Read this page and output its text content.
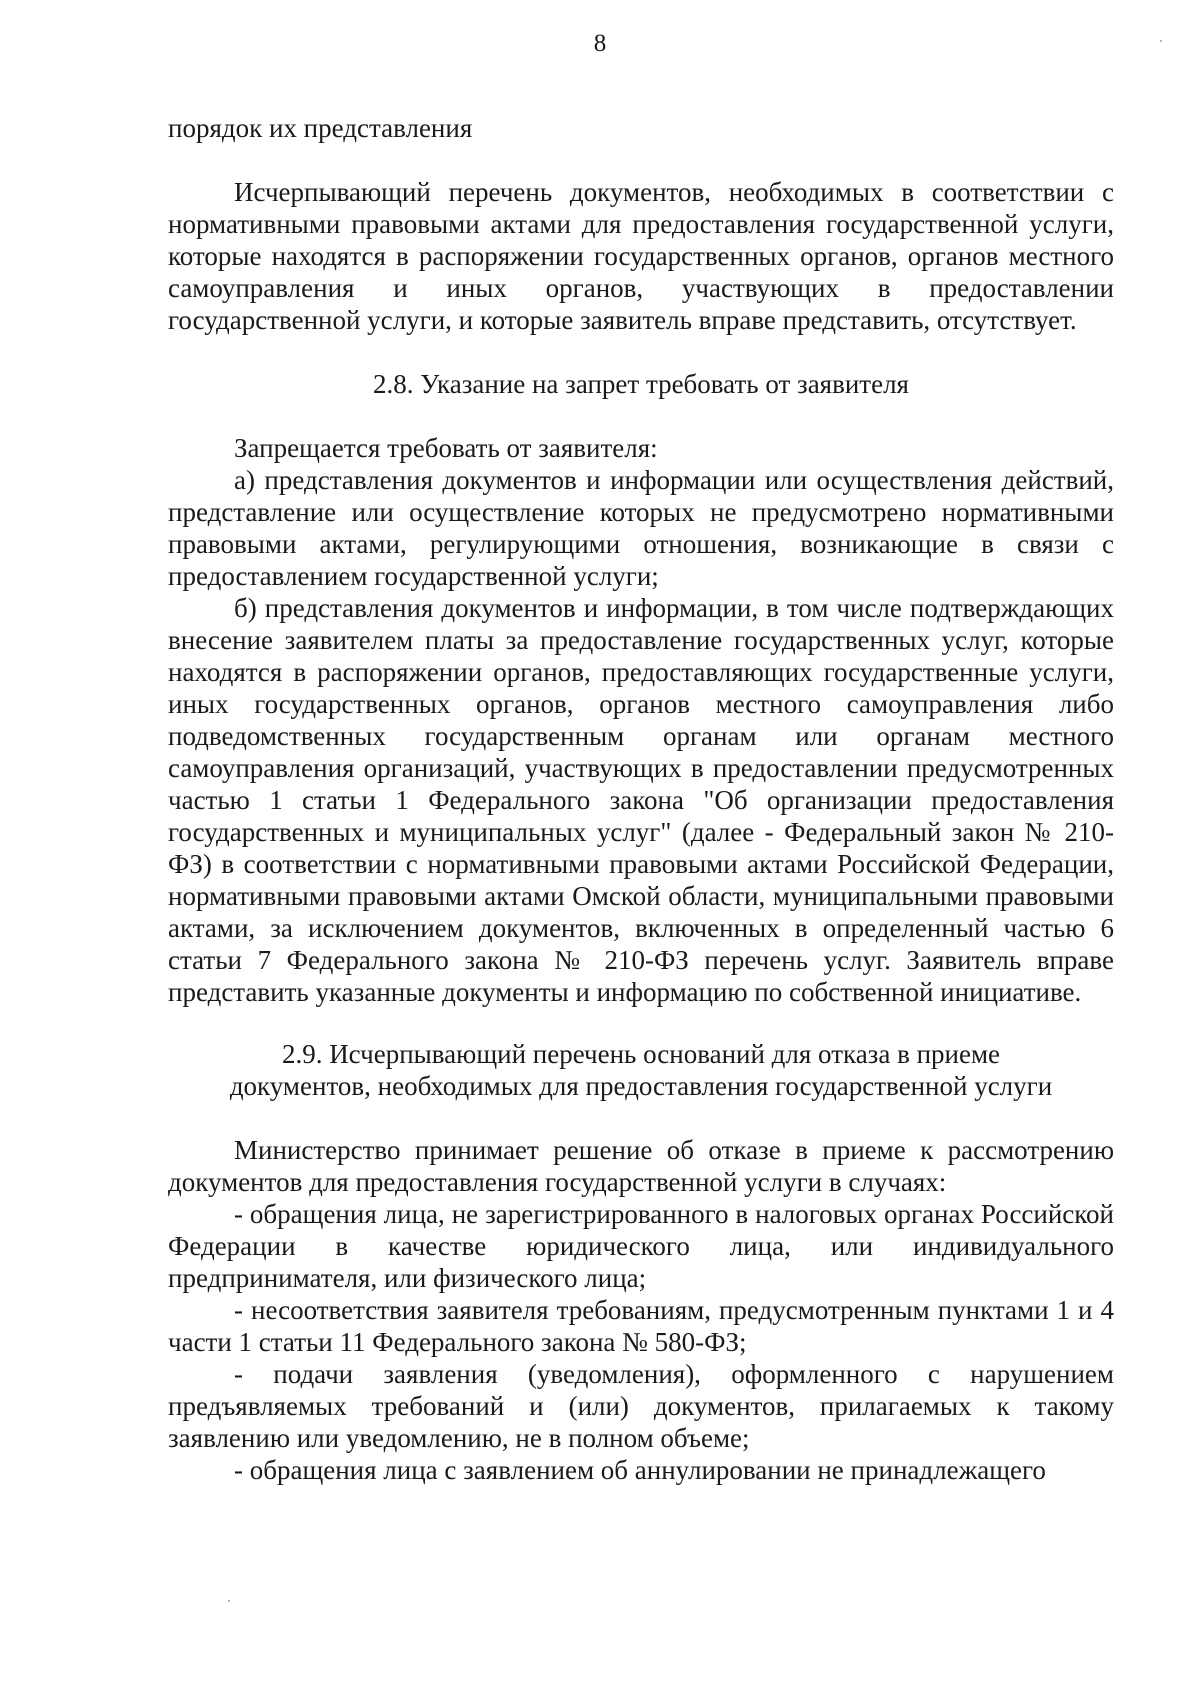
8

порядок их представления

Исчерпывающий перечень документов, необходимых в соответствии с нормативными правовыми актами для предоставления государственной услуги, которые находятся в распоряжении государственных органов, органов местного самоуправления и иных органов, участвующих в предоставлении государственной услуги, и которые заявитель вправе представить, отсутствует.

2.8. Указание на запрет требовать от заявителя

Запрещается требовать от заявителя:

а) представления документов и информации или осуществления действий, представление или осуществление которых не предусмотрено нормативными правовыми актами, регулирующими отношения, возникающие в связи с предоставлением государственной услуги;

б) представления документов и информации, в том числе подтверждающих внесение заявителем платы за предоставление государственных услуг, которые находятся в распоряжении органов, предоставляющих государственные услуги, иных государственных органов, органов местного самоуправления либо подведомственных государственным органам или органам местного самоуправления организаций, участвующих в предоставлении предусмотренных частью 1 статьи 1 Федерального закона "Об организации предоставления государственных и муниципальных услуг" (далее - Федеральный закон № 210-ФЗ) в соответствии с нормативными правовыми актами Российской Федерации, нормативными правовыми актами Омской области, муниципальными правовыми актами, за исключением документов, включенных в определенный частью 6 статьи 7 Федерального закона № 210-ФЗ перечень услуг. Заявитель вправе представить указанные документы и информацию по собственной инициативе.

2.9. Исчерпывающий перечень оснований для отказа в приеме

документов, необходимых для предоставления государственной услуги

Министерство принимает решение об отказе в приеме к рассмотрению документов для предоставления государственной услуги в случаях:

- обращения лица, не зарегистрированного в налоговых органах Российской Федерации в качестве юридического лица, или индивидуального предпринимателя, или физического лица;

- несоответствия заявителя требованиям, предусмотренным пунктами 1 и 4 части 1 статьи 11 Федерального закона № 580-ФЗ;

- подачи заявления (уведомления), оформленного с нарушением предъявляемых требований и (или) документов, прилагаемых к такому заявлению или уведомлению, не в полном объеме;

- обращения лица с заявлением об аннулировании не принадлежащего
